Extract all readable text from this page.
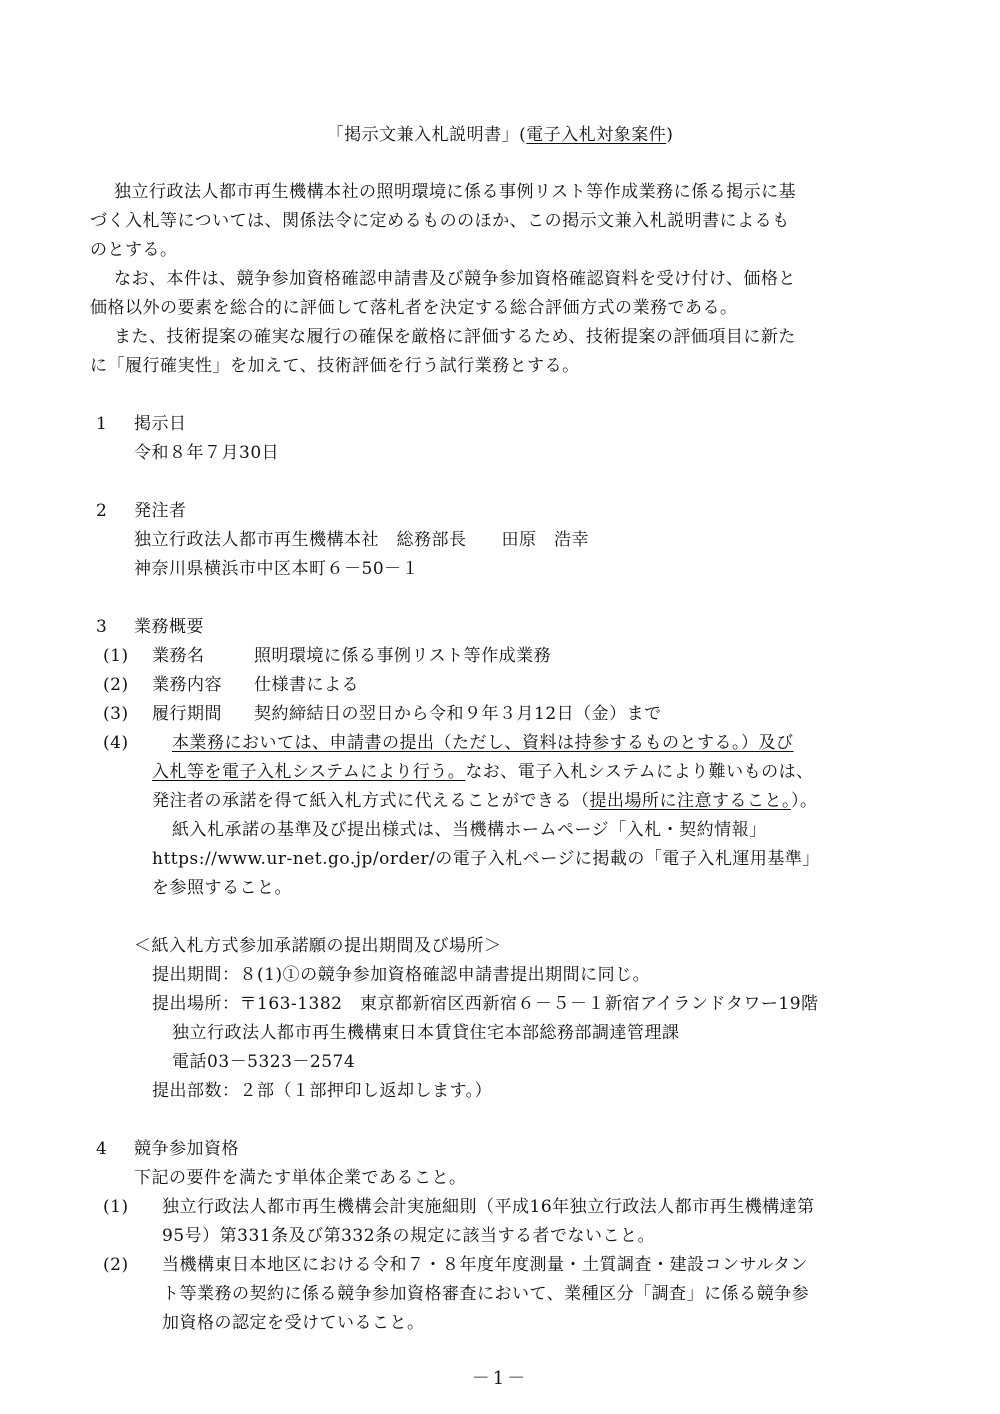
「掲示文兼入札説明書」(電子入札対象案件)
独立行政法人都市再生機構本社の照明環境に係る事例リスト等作成業務に係る掲示に基
づく入札等については、関係法令に定めるもののほか、この掲示文兼入札説明書によるも
のとする。
なお、本件は、競争参加資格確認申請書及び競争参加資格確認資料を受け付け、価格と
価格以外の要素を総合的に評価して落札者を決定する総合評価方式の業務である。
また、技術提案の確実な履行の確保を厳格に評価するため、技術提案の評価項目に新た
に「履行確実性」を加えて、技術評価を行う試行業務とする。
1 掲示日
令和８年７月30日
2 発注者
独立行政法人都市再生機構本社　総務部長　　田原　浩幸
神奈川県横浜市中区本町６－50－１
3 業務概要
(1) 業務名	照明環境に係る事例リスト等作成業務
(2) 業務内容 仕様書による
(3) 履行期間 契約締結日の翌日から令和９年３月12日（金）まで
(4)	本業務においては、申請書の提出（ただし、資料は持参するものとする。）及び
入札等を電子入札システムにより行う。なお、電子入札システムにより難いものは、
発注者の承諾を得て紙入札方式に代えることができる（提出場所に注意すること。）。
紙入札承諾の基準及び提出様式は、当機構ホームページ「入札・契約情報」
https://www.ur-net.go.jp/order/の電子入札ページに掲載の「電子入札運用基準」
を参照すること。
＜紙入札方式参加承諾願の提出期間及び場所＞
提出期間：８(1)①の競争参加資格確認申請書提出期間に同じ。
提出場所：〒163-1382　東京都新宿区西新宿６－５－１新宿アイランドタワー19階
独立行政法人都市再生機構東日本賃貸住宅本部総務部調達管理課
電話03－5323－2574
提出部数：２部（１部押印し返却します。）
4 競争参加資格
下記の要件を満たす単体企業であること。
(1) 独立行政法人都市再生機構会計実施細則（平成16年独立行政法人都市再生機構達第
95号）第331条及び第332条の規定に該当する者でないこと。
(2) 当機構東日本地区における令和７・８年度年度測量・土質調査・建設コンサルタン
ト等業務の契約に係る競争参加資格審査において、業種区分「調査」に係る競争参
加資格の認定を受けていること。
－1－
